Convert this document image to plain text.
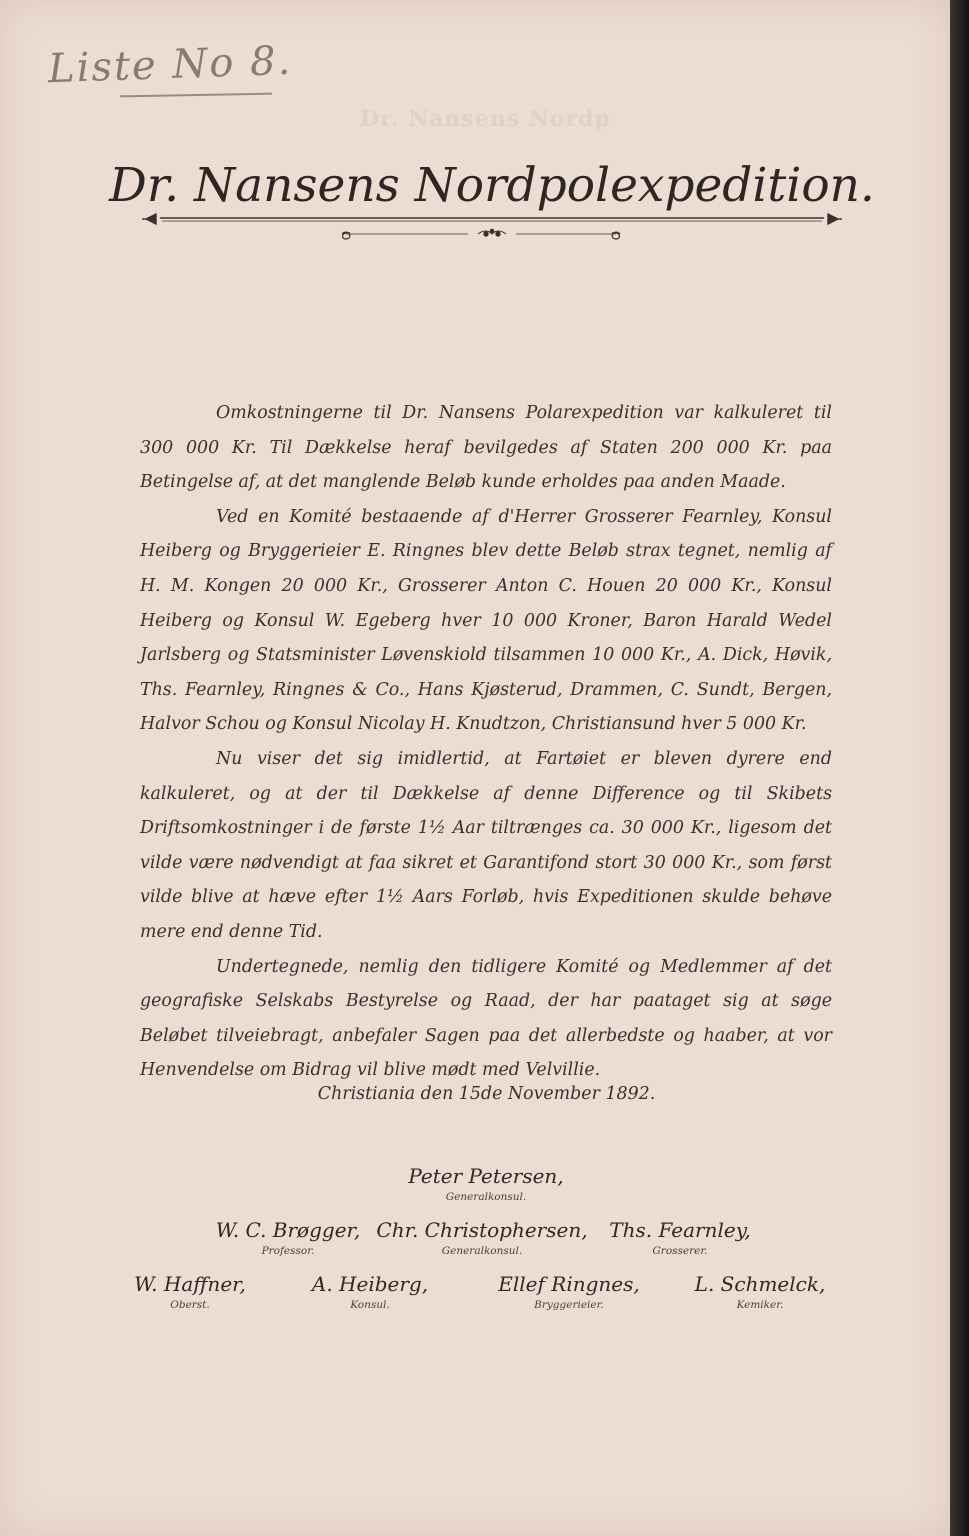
Liste No 8.
Dr. Nansens Nordp
Dr. Nansens Nordpolexpedition.

Omkostningerne til Dr. Nansens Polarexpedition var kalkuleret til 300 000 Kr. Til Dækkelse heraf bevilgedes af Staten 200 000 Kr. paa Betingelse af, at det manglende Beløb kunde erholdes paa anden Maade.

Ved en Komité bestaaende af d'Herrer Grosserer Fearnley, Konsul Heiberg og Bryggerieier E. Ringnes blev dette Beløb strax tegnet, nemlig af H. M. Kongen 20 000 Kr., Grosserer Anton C. Houen 20 000 Kr., Konsul Heiberg og Konsul W. Egeberg hver 10 000 Kroner, Baron Harald Wedel Jarlsberg og Statsminister Løvenskiold tilsammen 10 000 Kr., A. Dick, Høvik, Ths. Fearnley, Ringnes & Co., Hans Kjøsterud, Drammen, C. Sundt, Bergen, Halvor Schou og Konsul Nicolay H. Knudtzon, Christiansund hver 5 000 Kr.

Nu viser det sig imidlertid, at Fartøiet er bleven dyrere end kalkuleret, og at der til Dækkelse af denne Difference og til Skibets Driftsomkostninger i de første 1½ Aar tiltrænges ca. 30 000 Kr., ligesom det vilde være nødvendigt at faa sikret et Garantifond stort 30 000 Kr., som først vilde blive at hæve efter 1½ Aars Forløb, hvis Expeditionen skulde behøve mere end denne Tid.

Undertegnede, nemlig den tidligere Komité og Medlemmer af det geografiske Selskabs Bestyrelse og Raad, der har paataget sig at søge Beløbet tilveiebragt, anbefaler Sagen paa det allerbedste og haaber, at vor Henvendelse om Bidrag vil blive mødt med Velvillie.

Christiania den 15de November 1892.
Peter Petersen,
Generalkonsul.
W. C. Brøgger,
Professor.
Chr. Christophersen,
Generalkonsul.
Ths. Fearnley,
Grosserer.
W. Haffner,
Oberst.
A. Heiberg,
Konsul.
Ellef Ringnes,
Bryggerieier.
L. Schmelck,
Kemiker.
